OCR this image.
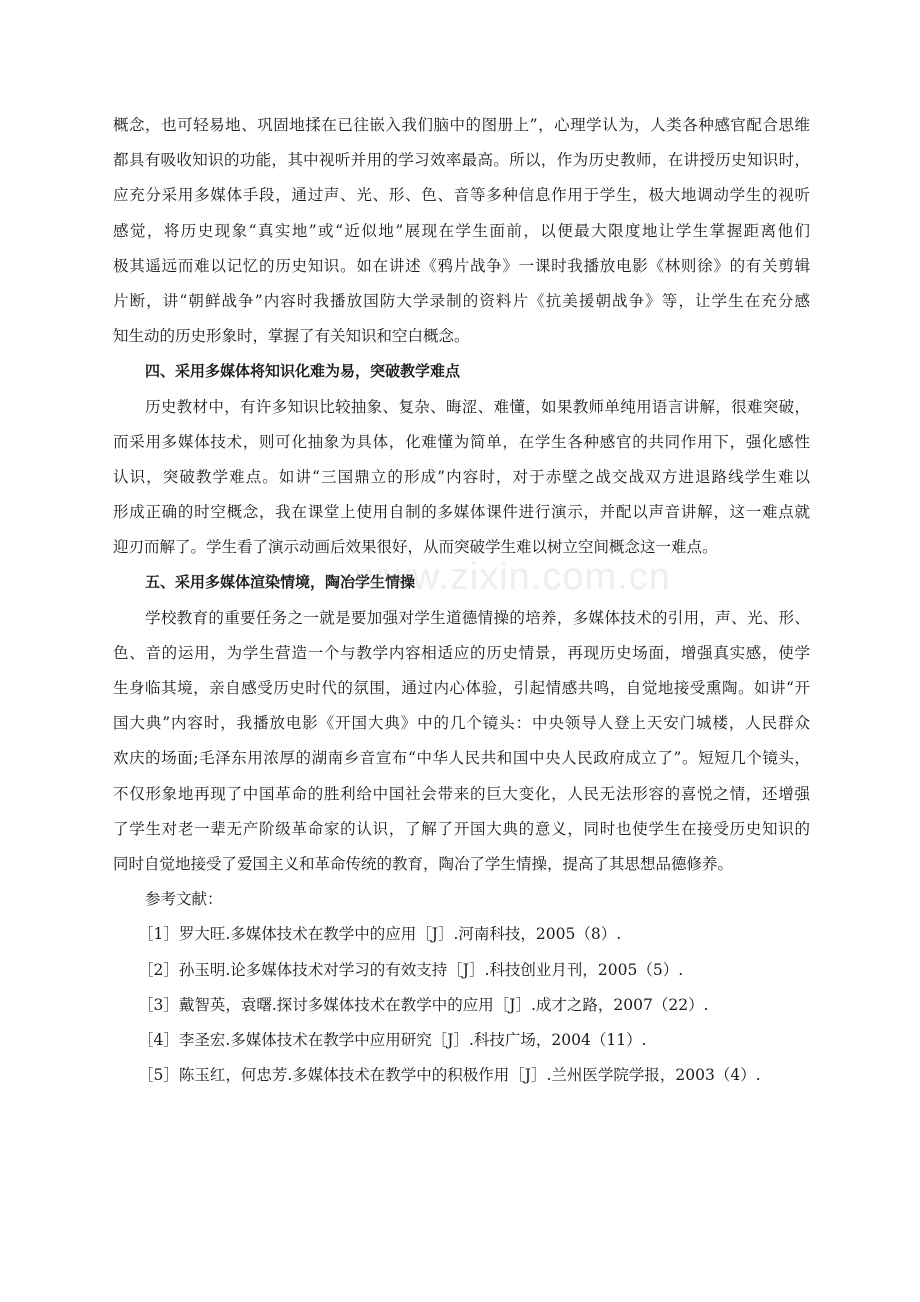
概念，也可轻易地、巩固地揉在已往嵌入我们脑中的图册上”，心理学认为，人类各种感官配合思维
都具有吸收知识的功能，其中视听并用的学习效率最高。所以，作为历史教师，在讲授历史知识时，
应充分采用多媒体手段，通过声、光、形、色、音等多种信息作用于学生，极大地调动学生的视听
感觉，将历史现象“真实地”或“近似地”展现在学生面前，以便最大限度地让学生掌握距离他们
极其遥远而难以记忆的历史知识。如在讲述《鸦片战争》一课时我播放电影《林则徐》的有关剪辑
片断，讲“朝鲜战争”内容时我播放国防大学录制的资料片《抗美援朝战争》等，让学生在充分感
知生动的历史形象时，掌握了有关知识和空白概念。
四、采用多媒体将知识化难为易，突破教学难点
历史教材中，有许多知识比较抽象、复杂、晦涩、难懂，如果教师单纯用语言讲解，很难突破，
而采用多媒体技术，则可化抽象为具体，化难懂为简单，在学生各种感官的共同作用下，强化感性
认识，突破教学难点。如讲“三国鼎立的形成”内容时，对于赤壁之战交战双方进退路线学生难以
形成正确的时空概念，我在课堂上使用自制的多媒体课件进行演示，并配以声音讲解，这一难点就
迎刃而解了。学生看了演示动画后效果很好，从而突破学生难以树立空间概念这一难点。
五、采用多媒体渲染情境，陶冶学生情操
学校教育的重要任务之一就是要加强对学生道德情操的培养，多媒体技术的引用，声、光、形、
色、音的运用，为学生营造一个与教学内容相适应的历史情景，再现历史场面，增强真实感，使学
生身临其境，亲自感受历史时代的氛围，通过内心体验，引起情感共鸣，自觉地接受熏陶。如讲“开
国大典”内容时，我播放电影《开国大典》中的几个镜头：中央领导人登上天安门城楼，人民群众
欢庆的场面;毛泽东用浓厚的湖南乡音宣布“中华人民共和国中央人民政府成立了”。短短几个镜头，
不仅形象地再现了中国革命的胜利给中国社会带来的巨大变化，人民无法形容的喜悦之情，还增强
了学生对老一辈无产阶级革命家的认识，了解了开国大典的意义，同时也使学生在接受历史知识的
同时自觉地接受了爱国主义和革命传统的教育，陶冶了学生情操，提高了其思想品德修养。
参考文献：
［1］罗大旺.多媒体技术在教学中的应用［J］.河南科技，2005（8）.
［2］孙玉明.论多媒体技术对学习的有效支持［J］.科技创业月刊，2005（5）.
［3］戴智英，袁曙.探讨多媒体技术在教学中的应用［J］.成才之路，2007（22）.
［4］李圣宏.多媒体技术在教学中应用研究［J］.科技广场，2004（11）.
［5］陈玉红，何忠芳.多媒体技术在教学中的积极作用［J］.兰州医学院学报，2003（4）.
www.zixin.com.cn
